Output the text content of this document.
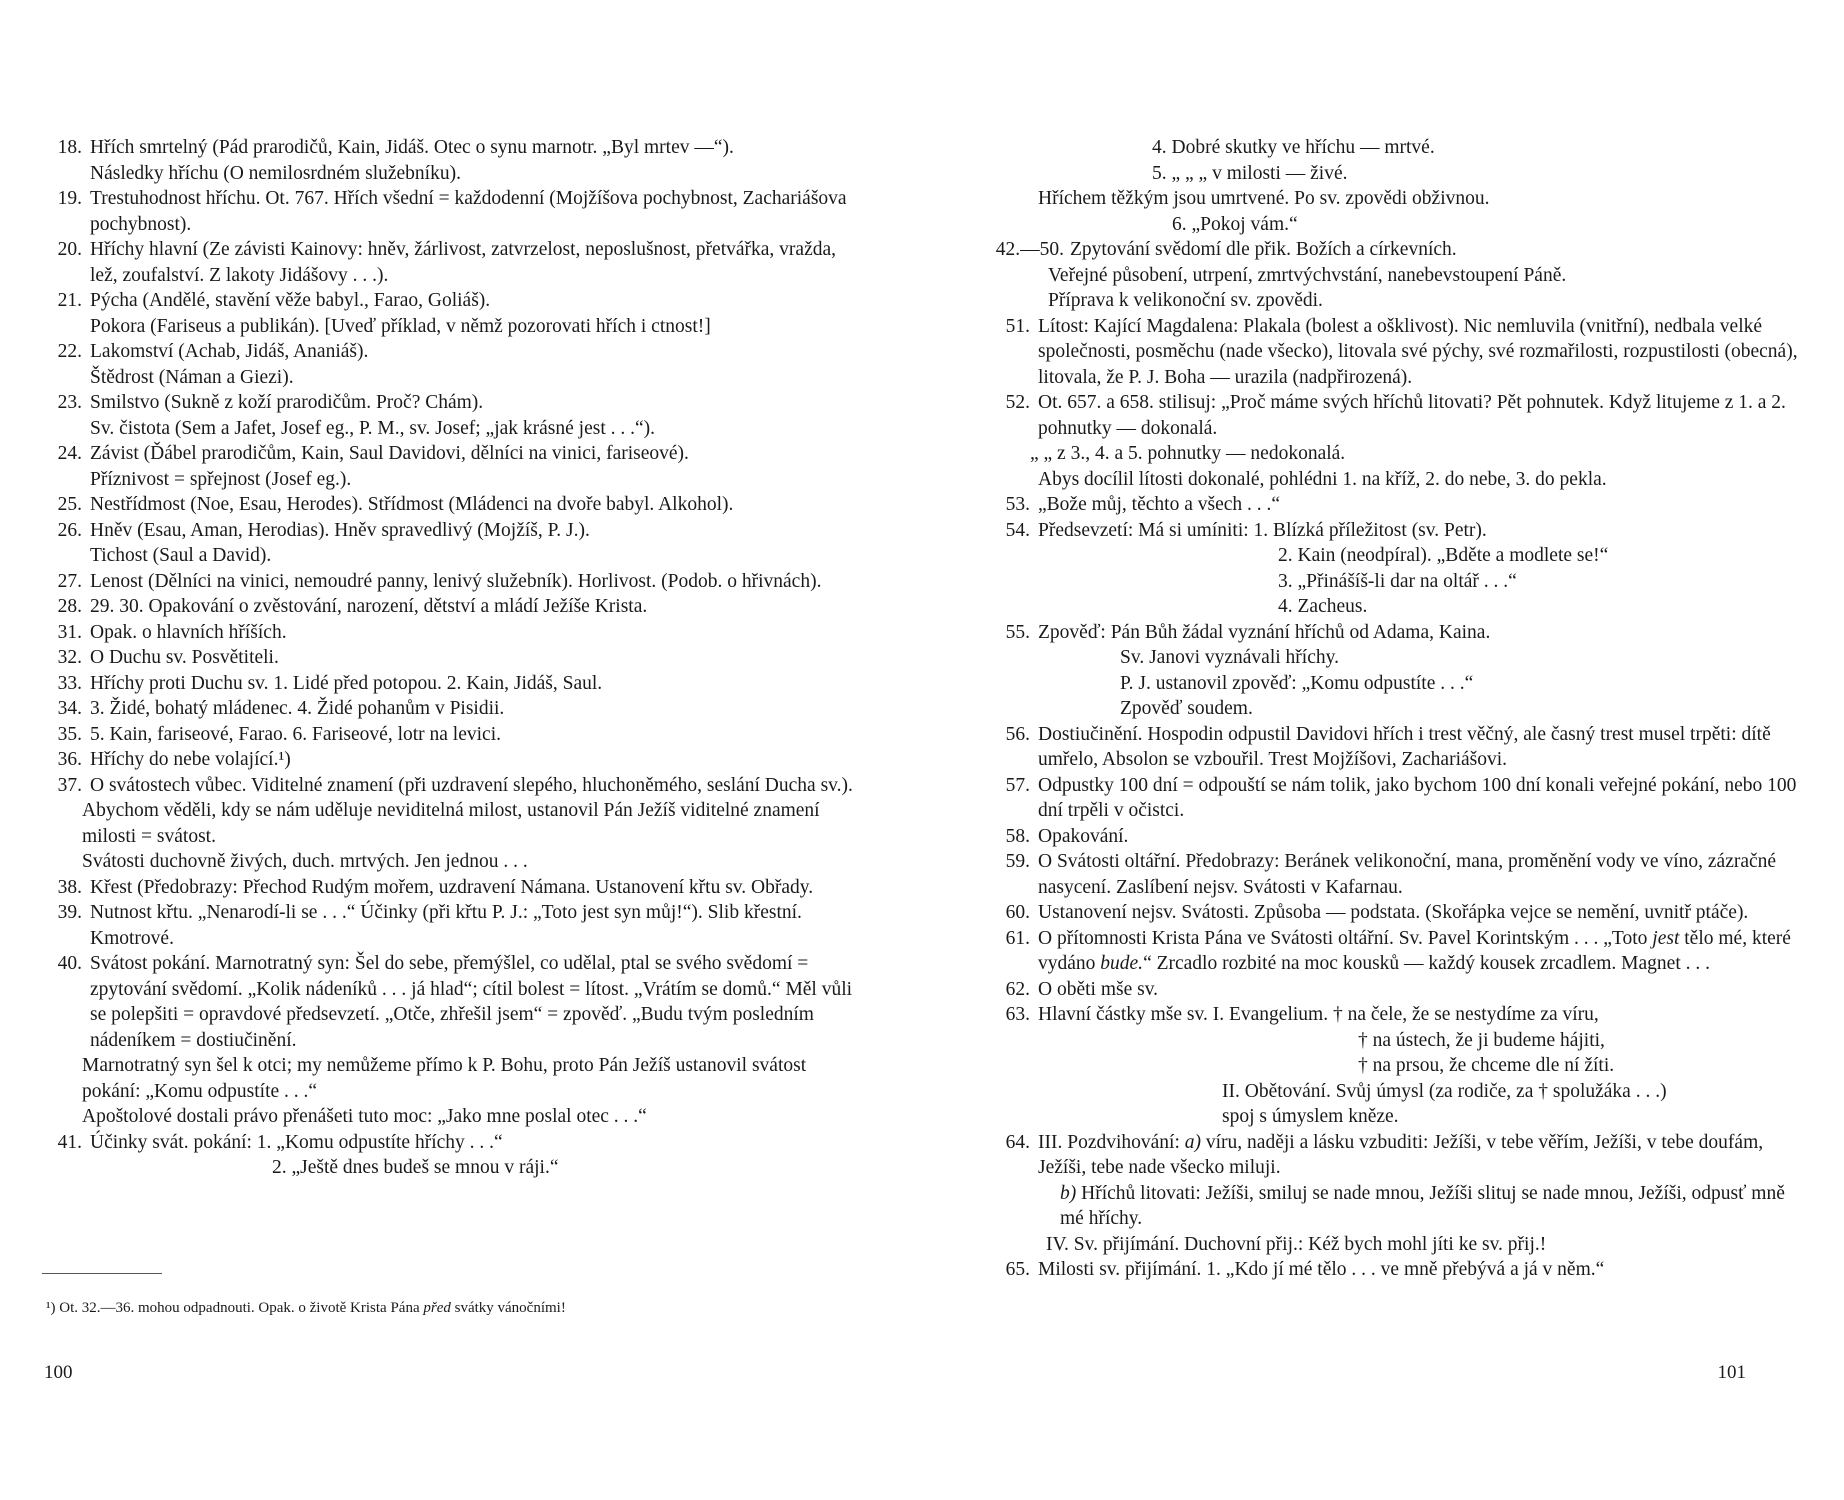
18. Hřích smrtelný (Pád prarodičů, Kain, Jidáš. Otec o synu marnotr. „Byl mrtev —“).

Následky hříchu (O nemilosrdném služebníku).

19. Trestuhodnost hříchu. Ot. 767. Hřích všední = každodenní (Mojžíšova pochybnost, Zachariášova pochybnost).

20. Hříchy hlavní (Ze závisti Kainovy: hněv, žárlivost, zatvrzelost, neposlušnost, přetvářka, vražda, lež, zoufalství. Z lakoty Jidášovy . . .).

21. Pýcha (Andělé, stavění věže babyl., Farao, Goliáš).

Pokora (Fariseus a publikán). [Uveď příklad, v němž pozorovati hřích i ctnost!]

22. Lakomství (Achab, Jidáš, Ananiáš).

Štědrost (Náman a Giezi).

23. Smilstvo (Sukně z koží prarodičům. Proč? Chám).

Sv. čistota (Sem a Jafet, Josef eg., P. M., sv. Josef; „jak krásné jest . . .“).

24. Závist (Ďábel prarodičům, Kain, Saul Davidovi, dělníci na vinici, fariseové).

Příznivost = spřejnost (Josef eg.).

25. Nestřídmost (Noe, Esau, Herodes). Střídmost (Mládenci na dvoře babyl. Alkohol).

26. Hněv (Esau, Aman, Herodias). Hněv spravedlivý (Mojžíš, P. J.).

Tichost (Saul a David).

27. Lenost (Dělníci na vinici, nemoudré panny, lenivý služebník). Horlivost. (Podob. o hřivnách).

28. 29. 30. Opakování o zvěstování, narození, dětství a mládí Ježíše Krista.

31. Opak. o hlavních hříších.

32. O Duchu sv. Posvětiteli.

33. Hříchy proti Duchu sv. 1. Lidé před potopou. 2. Kain, Jidáš, Saul.

34. 3. Židé, bohatý mládenec. 4. Židé pohanům v Pisidii.

35. 5. Kain, fariseové, Farao. 6. Fariseové, lotr na levici.

36. Hříchy do nebe volající.¹)

37. O svátostech vůbec. Viditelné znamení (při uzdravení slepého, hluchoněmého, seslání Ducha sv.).

Abychom věděli, kdy se nám uděluje neviditelná milost, ustanovil Pán Ježíš viditelné znamení milosti = svátost.

Svátosti duchovně živých, duch. mrtvých. Jen jednou . . .

38. Křest (Předobrazy: Přechod Rudým mořem, uzdravení Námana. Ustanovení křtu sv. Obřady.

39. Nutnost křtu. „Nenarodí-li se . . .“ Účinky (při křtu P. J.: „Toto jest syn můj!“). Slib křestní. Kmotrové.

40. Svátost pokání. Marnotratný syn: Šel do sebe, přemýšlel, co udělal, ptal se svého svědomí = zpytování svědomí. „Kolik nádeníků . . . já hlad“; cítil bolest = lítost. „Vrátím se domů.“ Měl vůli se polepšiti = opravdové předsevzetí. „Otče, zhřešil jsem“ = zpověď. „Budu tvým posledním nádeníkem = dostiučinění.

Marnotratný syn šel k otci; my nemůžeme přímo k P. Bohu, proto Pán Ježíš ustanovil svátost pokání: „Komu odpustíte . . .“

Apoštolové dostali právo přenášeti tuto moc: „Jako mne poslal otec . . .“

41. Účinky svát. pokání: 1. „Komu odpustíte hříchy . . .“

2. „Ještě dnes budeš se mnou v ráji.“

¹) Ot. 32.—36. mohou odpadnouti. Opak. o životě Krista Pána před svátky vánočními!
100

4. Dobré skutky ve hříchu — mrtvé.

5. „ „ „ v milosti — živé.

Hříchem těžkým jsou umrtvené. Po sv. zpovědi obživnou.

6. „Pokoj vám.“

42.—50. Zpytování svědomí dle přik. Božích a církevních.

Veřejné působení, utrpení, zmrtvýchvstání, nanebevstoupení Páně.

Příprava k velikonoční sv. zpovědi.

51. Lítost: Kající Magdalena: Plakala (bolest a ošklivost). Nic nemluvila (vnitřní), nedbala velké společnosti, posměchu (nade všecko), litovala své pýchy, své rozmařilosti, rozpustilosti (obecná), litovala, že P. J. Boha — urazila (nadpřirozená).

52. Ot. 657. a 658. stilisuj: „Proč máme svých hříchů litovati? Pět pohnutek. Když litujeme z 1. a 2. pohnutky — dokonalá.

„ „ z 3., 4. a 5. pohnutky — nedokonalá.

Abys docílil lítosti dokonalé, pohlédni 1. na kříž, 2. do nebe, 3. do pekla.

53. „Bože můj, těchto a všech . . .“

54. Předsevzetí: Má si umíniti: 1. Blízká příležitost (sv. Petr).

2. Kain (neodpíral). „Bděte a modlete se!“

3. „Přinášíš-li dar na oltář . . .“

4. Zacheus.

55. Zpověď: Pán Bůh žádal vyznání hříchů od Adama, Kaina.

Sv. Janovi vyznávali hříchy.

P. J. ustanovil zpověď: „Komu odpustíte . . .“

Zpověď soudem.

56. Dostiučinění. Hospodin odpustil Davidovi hřích i trest věčný, ale časný trest musel trpěti: dítě umřelo, Absolon se vzbouřil. Trest Mojžíšovi, Zachariášovi.

57. Odpustky 100 dní = odpouští se nám tolik, jako bychom 100 dní konali veřejné pokání, nebo 100 dní trpěli v očistci.

58. Opakování.

59. O Svátosti oltářní. Předobrazy: Beránek velikonoční, mana, proměnění vody ve víno, zázračné nasycení. Zaslíbení nejsv. Svátosti v Kafarnau.

60. Ustanovení nejsv. Svátosti. Způsoba — podstata. (Skořápka vejce se nemění, uvnitř ptáče).

61. O přítomnosti Krista Pána ve Svátosti oltářní. Sv. Pavel Korintským . . . „Toto jest tělo mé, které vydáno bude.“ Zrcadlo rozbité na moc kousků — každý kousek zrcadlem. Magnet . . .

62. O oběti mše sv.

63. Hlavní částky mše sv. I. Evangelium. † na čele, že se nestydíme za víru,

† na ústech, že ji budeme hájiti,

† na prsou, že chceme dle ní žíti.

II. Obětování. Svůj úmysl (za rodiče, za † spolužáka . . .) spoj s úmyslem kněze.

64. III. Pozdvihování: a) víru, naději a lásku vzbuditi: Ježíši, v tebe věřím, Ježíši, v tebe doufám, Ježíši, tebe nade všecko miluji.

b) Hříchů litovati: Ježíši, smiluj se nade mnou, Ježíši slituj se nade mnou, Ježíši, odpusť mně mé hříchy.

IV. Sv. přijímání. Duchovní přij.: Kéž bych mohl jíti ke sv. přij.!

65. Milosti sv. přijímání. 1. „Kdo jí mé tělo . . . ve mně přebývá a já v něm.“

101
